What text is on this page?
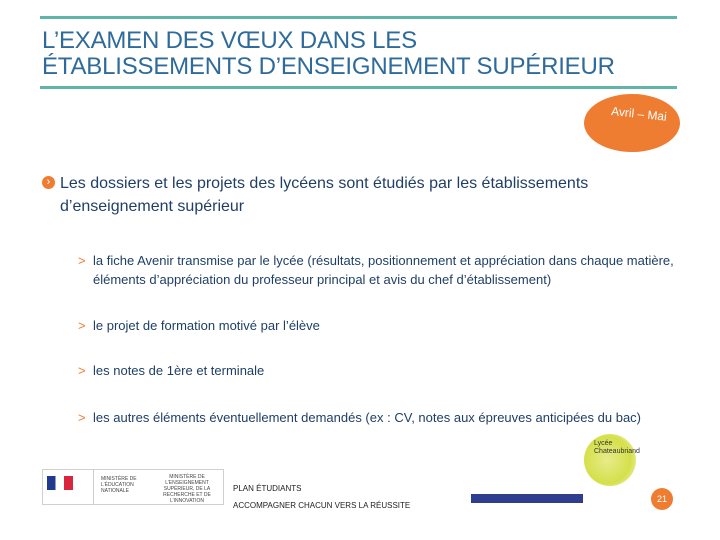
L’EXAMEN DES VŒUX DANS LES
ÉTABLISSEMENTS D’ENSEIGNEMENT SUPÉRIEUR
Avril – Mai
› Les dossiers et les projets des lycéens sont étudiés par les établissements d’enseignement supérieur
> la fiche Avenir transmise par le lycée (résultats, positionnement et appréciation dans chaque matière, éléments d’appréciation du professeur principal et avis du chef d’établissement)
> le projet de formation motivé par l’élève
> les notes de 1ère et terminale
> les autres éléments éventuellement demandés (ex : CV, notes aux épreuves anticipées du bac)
MINISTÈRE DE L’ÉDUCATION NATIONALE
MINISTÈRE DE L’ENSEIGNEMENT SUPÉRIEUR, DE LA RECHERCHE ET DE L’INNOVATION
PLAN ÉTUDIANTS
ACCOMPAGNER CHACUN VERS LA RÉUSSITE
Lycée Chateaubriand
21
